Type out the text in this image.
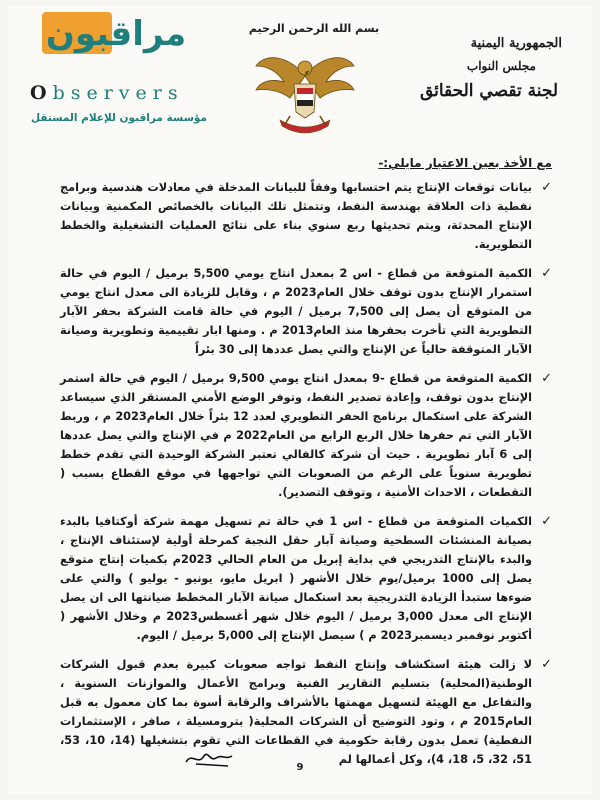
مراقبون
Observers
مؤسسة مراقبون للإعلام المستقل
بسم الله الرحمن الرحيم
الجمهورية اليمنية
مجلس النواب
لجنة تقصي الحقائق

مع الأخذ بعين الاعتبار مايلي:-

✓
بيانات توقعات الإنتاج يتم احتسابها وفقاً للبيانات المدخلة في معادلات هندسية وبرامج نفطية ذات العلاقة بهندسة النفط، وتتمثل تلك البيانات بالخصائص المكمنية وبيانات الإنتاج المحدثة، ويتم تحديثها ربع سنوي بناء على نتائج العمليات التشغيلية والخطط التطويرية.
✓
الكمية المتوقعة من قطاع - اس 2 بمعدل انتاج يومي 5,500 برميل / اليوم في حالة استمرار الإنتاج بدون توقف خلال العام2023 م ، وقابل للزيادة الى معدل انتاج يومي من المتوقع أن يصل إلى 7,500 برميل / اليوم في حالة قامت الشركة بحفر الآبار التطويرية التي تأخرت بحفرها منذ العام2013 م . ومنها ابار تقييمية وتطويرية وصيانة الآبار المتوقفة حالياً عن الإنتاج والتي يصل عددها إلى 30 بئراً
✓
الكمية المتوقعة من قطاع -9 بمعدل انتاج يومي 9,500 برميل / اليوم في حالة استمر الإنتاج بدون توقف، وإعادة تصدير النفط، وتوفر الوضع الأمني المستقر الذي سيساعد الشركة على استكمال برنامج الحفر التطويري لعدد 12 بئراً خلال العام2023 م ، وربط الآبار التي تم حفرها خلال الربع الرابع من العام2022 م في الإنتاج والتي يصل عددها إلى 6 آبار تطويرية . حيث أن شركة كالفالي تعتبر الشركة الوحيدة التي تقدم خطط تطويرية سنوياً على الرغم من الصعوبات التي تواجهها في موقع القطاع بسبب ( التقطعات ، الاحداث الأمنية ، وتوقف التصدير).
✓
الكميات المتوقعة من قطاع - اس 1 في حالة تم تسهيل مهمة شركة أوكتافيا بالبدء بصيانة المنشئات السطحية وصيانة آبار حقل النجبة كمرحلة أولية لإستئناف الإنتاج ، والبدء بالإنتاج التدريجي في بداية إبريل من العام الحالي 2023م بكميات إنتاج متوقع يصل إلى 1000 برميل/يوم خلال الأشهر ( ابريل مايو، يونيو - يوليو ) والتي على ضوءها ستبدأ الزيادة التدريجية بعد استكمال صيانة الآبار المخطط صيانتها الى ان يصل الإنتاج الى معدل 3,000 برميل / اليوم خلال شهر أغسطس2023 م وخلال الأشهر ( أكتوبر نوفمبر ديسمبر2023 م ) سيصل الإنتاج إلى 5,000 برميل / اليوم.
✓
لا زالت هيئة استكشاف وإنتاج النفط تواجه صعوبات كبيرة بعدم قبول الشركات الوطنية(المحلية) بتسليم التقارير الفنية وبرامج الأعمال والموازنات السنوية ، والتفاعل مع الهيئة لتسهيل مهمتها بالأشراف والرقابة أسوة بما كان معمول به قبل العام2015 م ، وتود التوضيح أن الشركات المحلية( بترومسيلة ، صافر ، الإستثمارات النفطية) تعمل بدون رقابة حكومية في القطاعات التي تقوم بتشغيلها (14، 10، 53، 51، 32، 5، 18، 4)، وكل أعمالها لم
9
